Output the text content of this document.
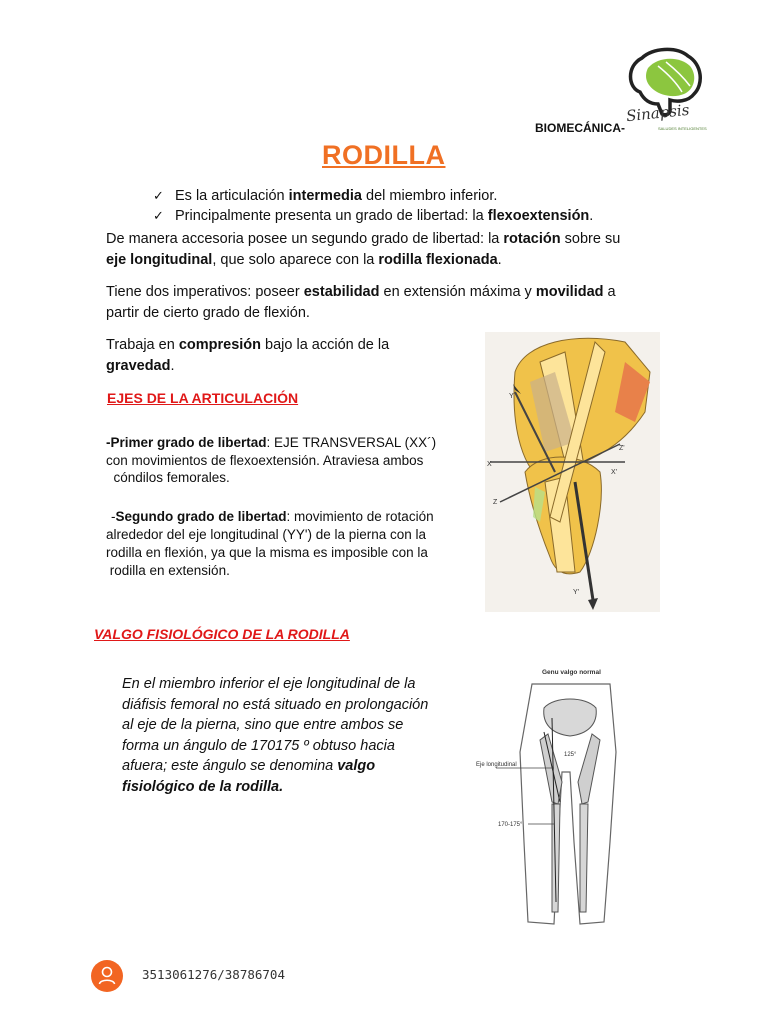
Sinapsis
SALUDES INTELIGENTES
BIOMECÁNICA-
RODILLA
✓ Es la articulación intermedia del miembro inferior.
✓ Principalmente presenta un grado de libertad: la flexoextensión.
De manera accesoria posee un segundo grado de libertad: la rotación sobre su
eje longitudinal, que solo aparece con la rodilla flexionada.
Tiene dos imperativos: poseer estabilidad en extensión máxima y movilidad a
partir de cierto grado de flexión.
Trabaja en compresión bajo la acción de la
gravedad.
EJES DE LA ARTICULACIÓN
-Primer grado de libertad: EJE TRANSVERSAL (XX´)
con movimientos de flexoextensión. Atraviesa ambos
cóndilos femorales.
-Segundo grado de libertad: movimiento de rotación
alrededor del eje longitudinal (YY') de la pierna con la
rodilla en flexión, ya que la misma es imposible con la
rodilla en extensión.
Y
X
Z
Z'
X'
Y'
VALGO FISIOLÓGICO DE LA RODILLA
En el miembro inferior el eje longitudinal de la
diáfisis femoral no está situado en prolongación
al eje de la pierna, sino que entre ambos se
forma un ángulo de 170175 º obtuso hacia
afuera; este ángulo se denomina valgo
fisiológico de la rodilla.
Genu valgo normal
Eje longitudinal
125°
170-175°
3513061276/38786704
--
